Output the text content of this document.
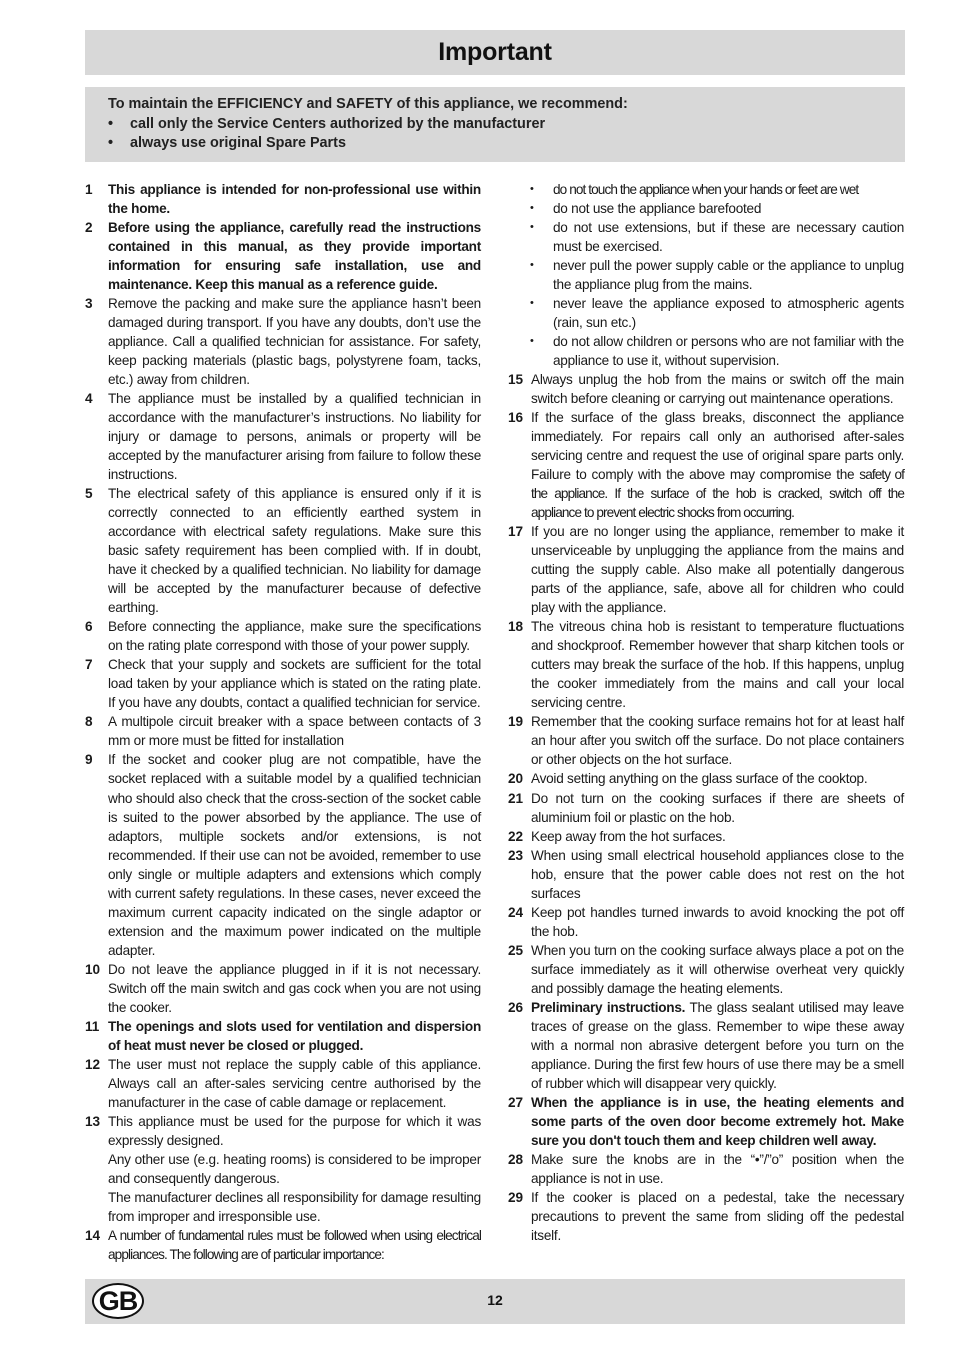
Important
To maintain the EFFICIENCY and SAFETY of this appliance, we recommend:
•	call only the Service Centers authorized by the manufacturer
•	always use original Spare Parts
1	This appliance is intended for non-professional use within the home.
2	Before using the appliance, carefully read the instructions contained in this manual, as they provide important information for ensuring safe installation, use and maintenance. Keep this manual as a reference guide.
3	Remove the packing and make sure the appliance hasn’t been damaged during transport. If you have any doubts, don’t use the appliance. Call a qualified technician for assistance. For safety, keep packing materials (plastic bags, polystyrene foam, tacks, etc.) away from children.
4	The appliance must be installed by a qualified technician in accordance with the manufacturer’s instructions. No liability for injury or damage to persons, animals or property will be accepted by the manufacturer arising from failure to follow these instructions.
5	The electrical safety of this appliance is ensured only if it is correctly connected to an efficiently earthed system in accordance with electrical safety regulations. Make sure this basic safety requirement has been complied with. If in doubt, have it checked by a qualified technician. No liability for damage will be accepted by the manufacturer because of defective earthing.
6	Before connecting the appliance, make sure the specifications on the rating plate correspond with those of your power supply.
7	Check that your supply and sockets are sufficient for the total load taken by your appliance which is stated on the rating plate. If you have any doubts, contact a qualified technician for service.
8	A multipole circuit breaker with a space between contacts of 3 mm or more must be fitted for installation
9	If the socket and cooker plug are not compatible, have the socket replaced with a suitable model by a qualified technician who should also check that the cross-section of the socket cable is suited to the power absorbed by the appliance. The use of adaptors, multiple sockets and/or extensions, is not recommended. If their use can not be avoided, remember to use only single or multiple adapters and extensions which comply with current safety regulations. In these cases, never exceed the maximum current capacity indicated on the single adaptor or extension and the maximum power indicated on the multiple adapter.
10 Do not leave the appliance plugged in if it is not necessary. Switch off the main switch and gas cock when you are not using the cooker.
11 The openings and slots used for ventilation and dispersion of heat must never be closed or plugged.
12 The user must not replace the supply cable of this appliance. Always call an after-sales servicing centre authorised by the manufacturer in the case of cable damage or replacement.
13 This appliance must be used for the purpose for which it was expressly designed.
Any other use (e.g. heating rooms) is considered to be improper and consequently dangerous.
The manufacturer declines all responsibility for damage resulting from improper and irresponsible use.
14 A number of fundamental rules must be followed when using electrical appliances. The following are of particular importance:
•	do not touch the appliance when your hands or feet are wet
•	do not use the appliance barefooted
•	do not use extensions, but if these are necessary caution must be exercised.
•	never pull the power supply cable or the appliance to unplug the appliance plug from the mains.
•	never leave the appliance exposed to atmospheric agents (rain, sun etc.)
•	do not allow children or persons who are not familiar with the appliance to use it, without supervision.
15 Always unplug the hob from the mains or switch off the main switch before cleaning or carrying out maintenance operations.
16 If the surface of the glass breaks, disconnect the appliance immediately. For repairs call only an authorised after-sales servicing centre and request the use of original spare parts only. Failure to comply with the above may compromise the safety of the appliance. If the surface of the hob is cracked, switch off the appliance to prevent electric shocks from occurring.
17 If you are no longer using the appliance, remember to make it unserviceable by unplugging the appliance from the mains and cutting the supply cable. Also make all potentially dangerous parts of the appliance, safe, above all for children who could play with the appliance.
18 The vitreous china hob is resistant to temperature fluctuations and shockproof. Remember however that sharp kitchen tools or cutters may break the surface of the hob. If this happens, unplug the cooker immediately from the mains and call your local servicing centre.
19 Remember that the cooking surface remains hot for at least half an hour after you switch off the surface. Do not place containers or other objects on the hot surface.
20 Avoid setting anything on the glass surface of the cooktop.
21 Do not turn on the cooking surfaces if there are sheets of aluminium foil or plastic on the hob.
22 Keep away from the hot surfaces.
23 When using small electrical household appliances close to the hob, ensure that the power cable does not rest on the hot surfaces
24 Keep pot handles turned inwards to avoid knocking the pot off the hob.
25 When you turn on the cooking surface always place a pot on the surface immediately as it will otherwise overheat very quickly and possibly damage the heating elements.
26 Preliminary instructions. The glass sealant utilised may leave traces of grease on the glass. Remember to wipe these away with a normal non abrasive detergent before you turn on the appliance. During the first few hours of use there may be a smell of rubber which will disappear very quickly.
27 When the appliance is in use, the heating elements and some parts of the oven door become extremely hot. Make sure you don't touch them and keep children well away.
28 Make sure the knobs are in the “•”/”o” position when the appliance is not in use.
29 If the cooker is placed on a pedestal, take the necessary precautions to prevent the same from sliding off the pedestal itself.
GB	12
